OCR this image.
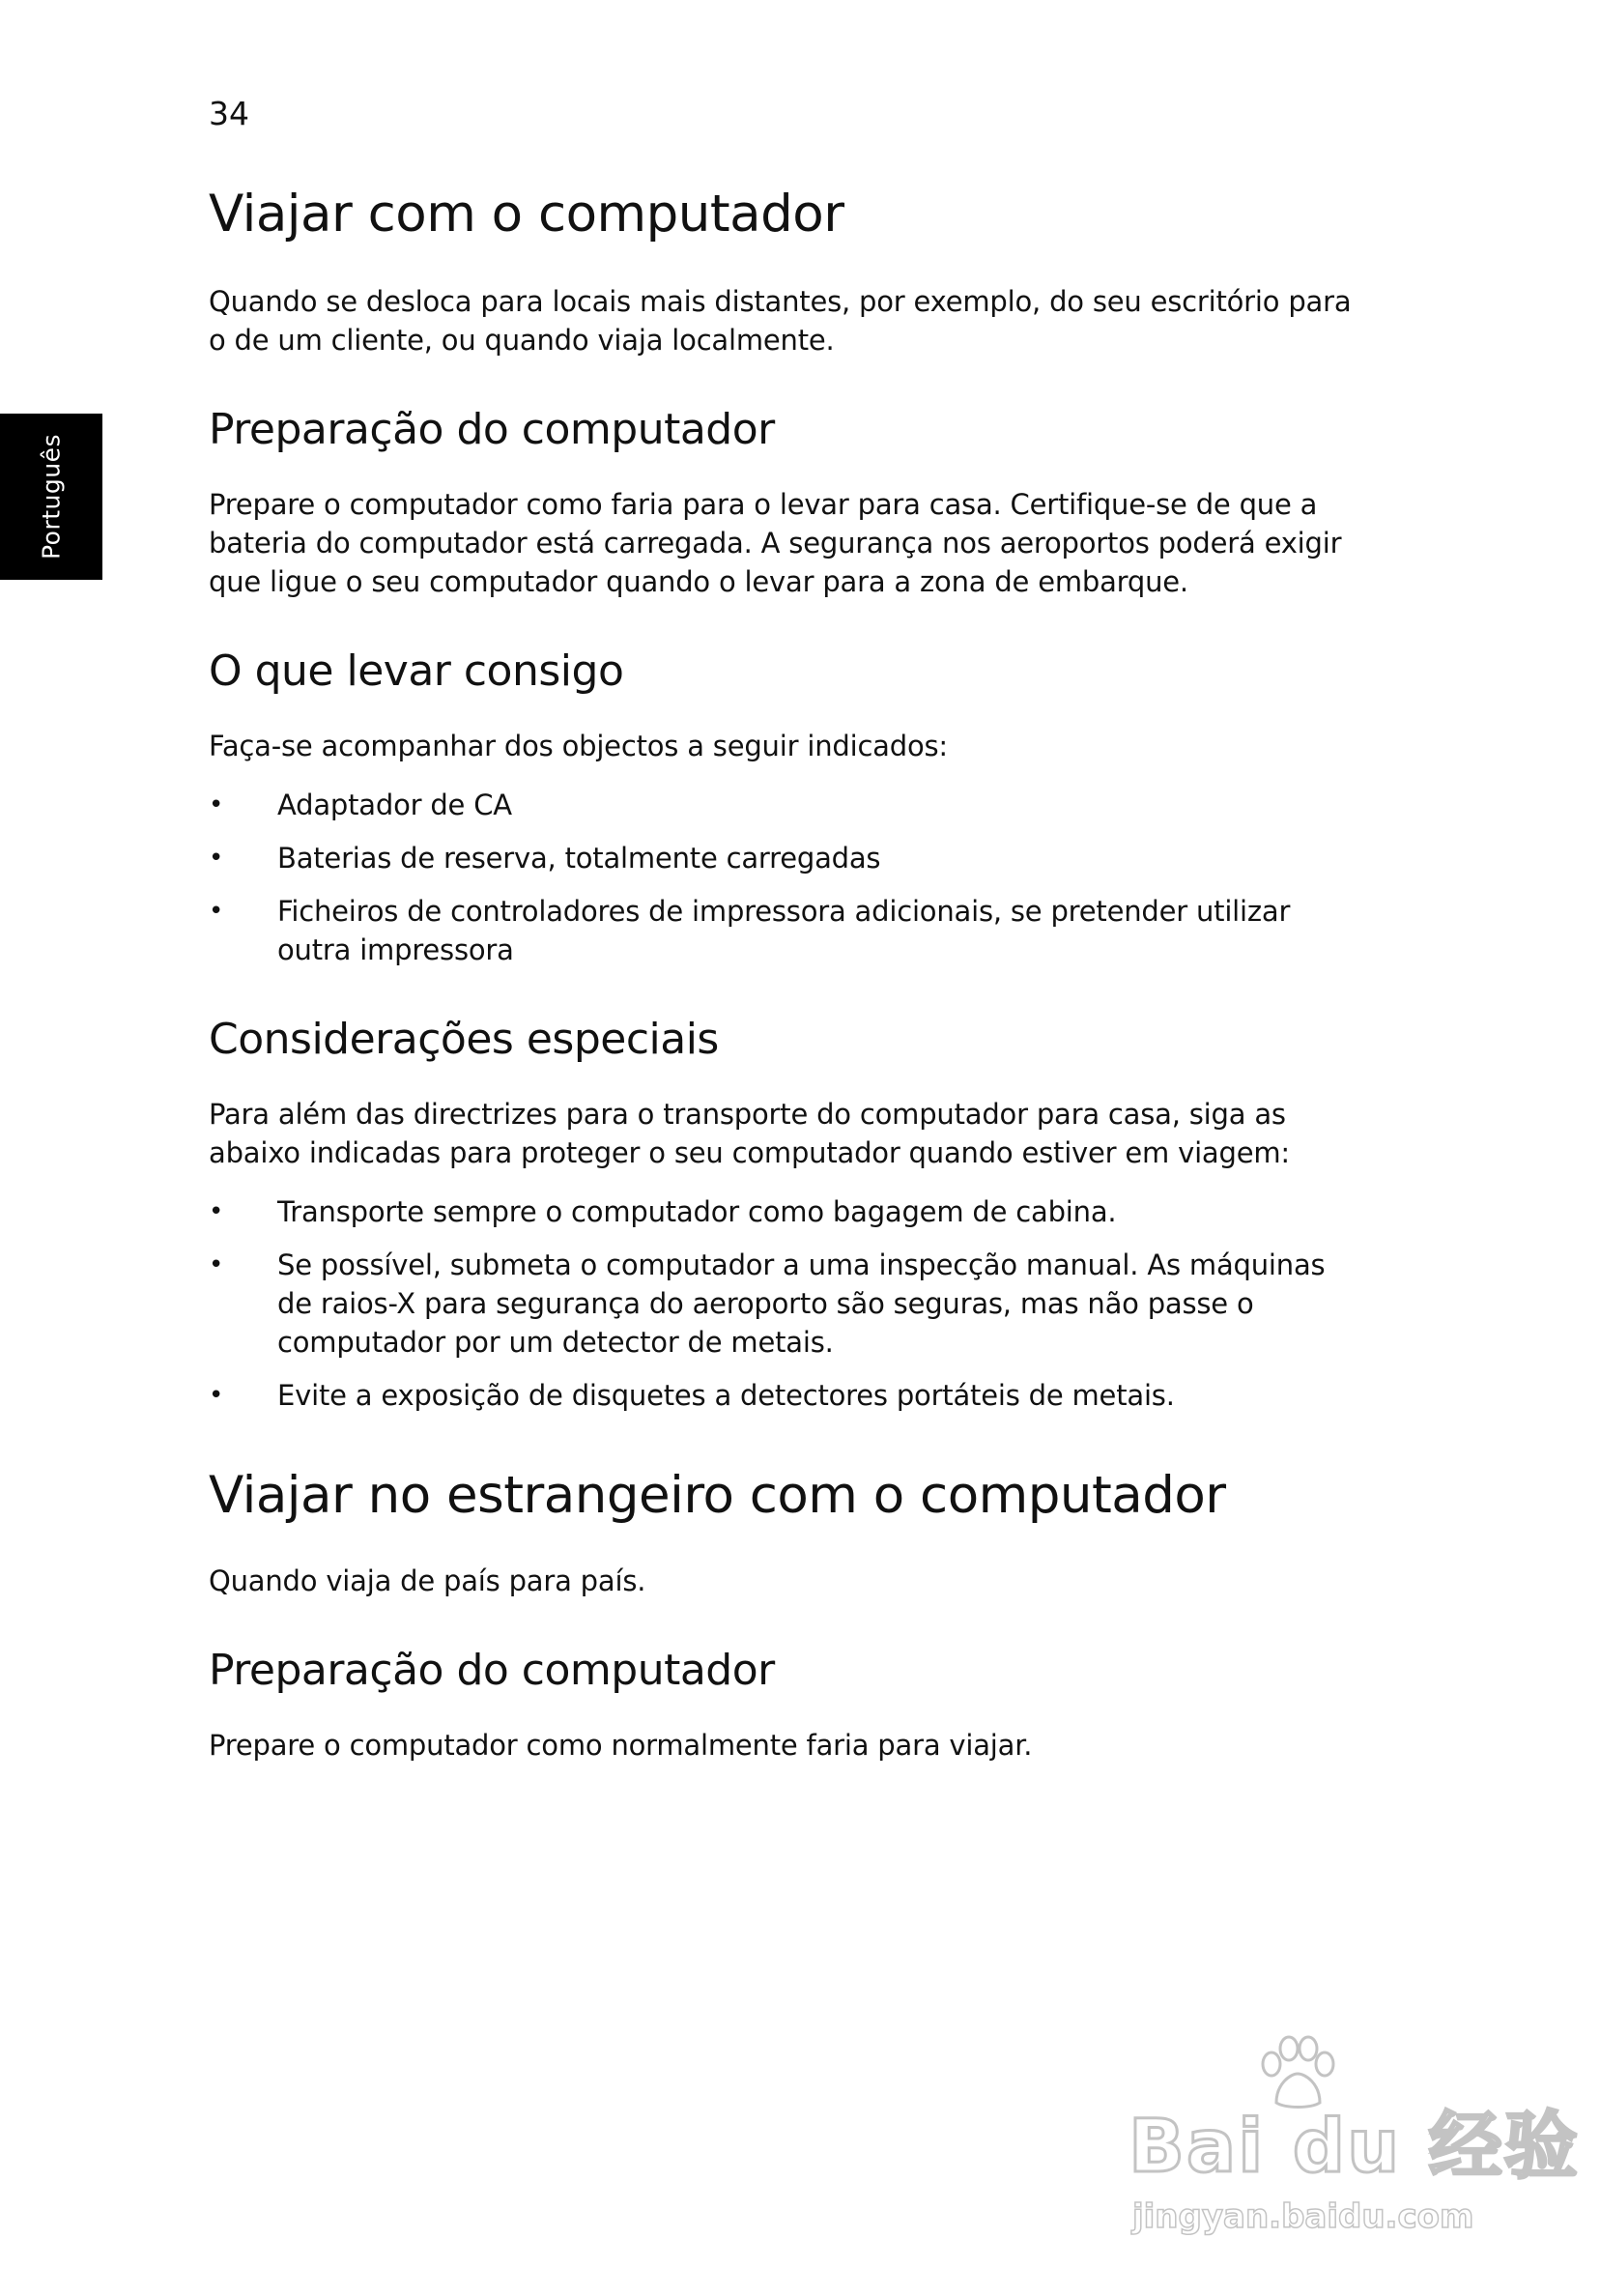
34
Português
Viajar com o computador

Quando se desloca para locais mais distantes, por exemplo, do seu escritório para o de um cliente, ou quando viaja localmente.

Preparação do computador

Prepare o computador como faria para o levar para casa. Certifique-se de que a bateria do computador está carregada. A segurança nos aeroportos poderá exigir que ligue o seu computador quando o levar para a zona de embarque.

O que levar consigo

Faça-se acompanhar dos objectos a seguir indicados:

• Adaptador de CA
• Baterias de reserva, totalmente carregadas
• Ficheiros de controladores de impressora adicionais, se pretender utilizar outra impressora
Considerações especiais

Para além das directrizes para o transporte do computador para casa, siga as abaixo indicadas para proteger o seu computador quando estiver em viagem:

• Transporte sempre o computador como bagagem de cabina.
• Se possível, submeta o computador a uma inspecção manual. As máquinas de raios-X para segurança do aeroporto são seguras, mas não passe o computador por um detector de metais.
• Evite a exposição de disquetes a detectores portáteis de metais.
Viajar no estrangeiro com o computador

Quando viaja de país para país.

Preparação do computador

Prepare o computador como normalmente faria para viajar.

Bai du 经验
jingyan.baidu.com
